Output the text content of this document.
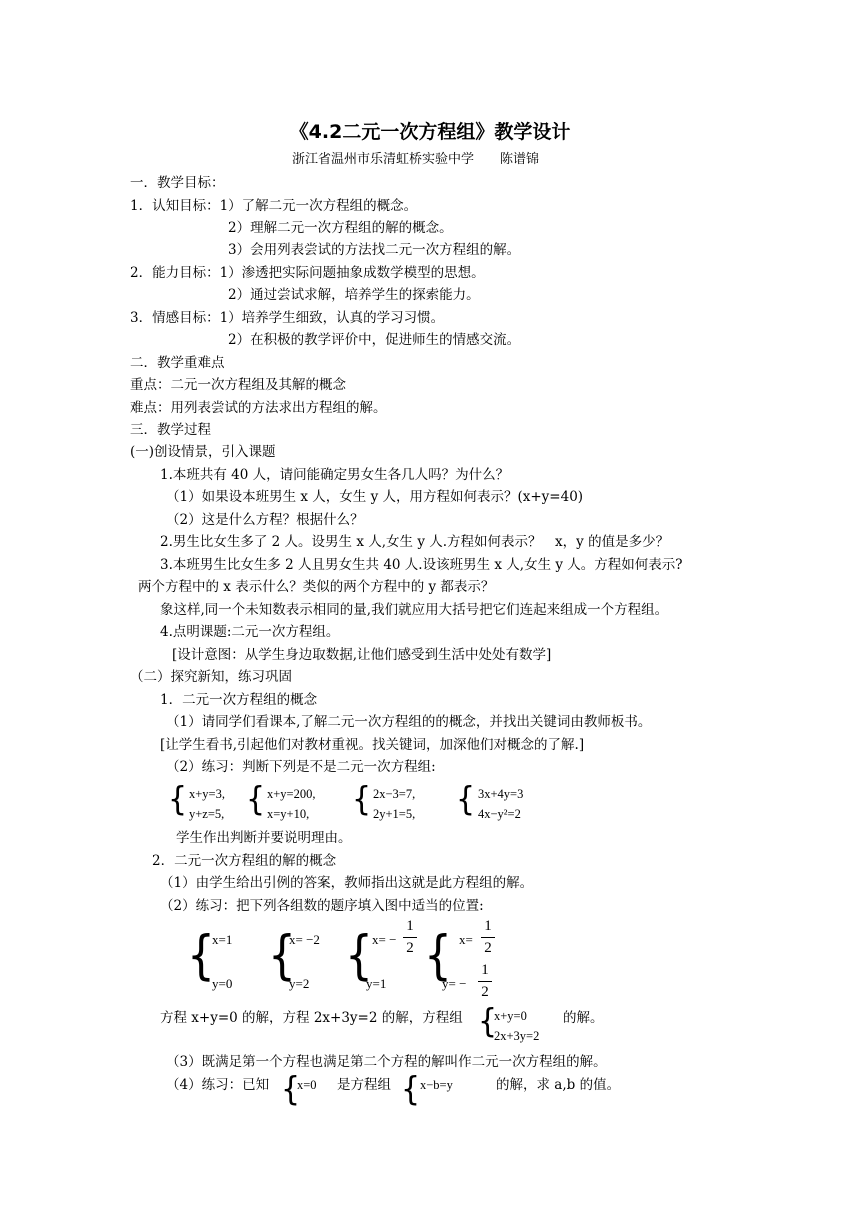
《4.2二元一次方程组》教学设计
浙江省温州市乐清虹桥实验中学　　陈谱锦
一．教学目标：
1．认知目标：1）了解二元一次方程组的概念。
2）理解二元一次方程组的解的概念。
3）会用列表尝试的方法找二元一次方程组的解。
2．能力目标：1）渗透把实际问题抽象成数学模型的思想。
2）通过尝试求解，培养学生的探索能力。
3．情感目标：1）培养学生细致，认真的学习习惯。
2）在积极的教学评价中，促进师生的情感交流。
二．教学重难点
重点：二元一次方程组及其解的概念
难点：用列表尝试的方法求出方程组的解。
三．教学过程
(一)创设情景，引入课题
1.本班共有 40 人，请问能确定男女生各几人吗？为什么？
（1）如果设本班男生 x 人，女生 y 人，用方程如何表示？(x+y=40)
（2）这是什么方程？根据什么？
2.男生比女生多了 2 人。设男生 x 人,女生 y 人.方程如何表示？　x，y 的值是多少？
3.本班男生比女生多 2 人且男女生共 40 人.设该班男生 x 人,女生 y 人。方程如何表示?
两个方程中的 x 表示什么？类似的两个方程中的 y 都表示？
象这样,同一个未知数表示相同的量,我们就应用大括号把它们连起来组成一个方程组。
4.点明课题:二元一次方程组。
[设计意图：从学生身边取数据,让他们感受到生活中处处有数学]
（二）探究新知，练习巩固
1．二元一次方程组的概念
（1）请同学们看课本,了解二元一次方程组的的概念，并找出关键词由教师板书。
[让学生看书,引起他们对教材重视。找关键词，加深他们对概念的了解.]
（2）练习：判断下列是不是二元一次方程组:
{ x+y=3,
y+z=5, { x+y=200,
x=y+10, { 2x−3=7,
2y+1=5, { 3x+4y=3
4x−y²=2
学生作出判断并要说明理由。
2．二元一次方程组的解的概念
（1）由学生给出引例的答案，教师指出这就是此方程组的解。
（2）练习：把下列各组数的题序填入图中适当的位置:
{
x=1
y=0 {
x= −2
y=2 { x= −
1
2
y=1 { x=
1
2
y= −
1
2
方程 x+y=0 的解，方程 2x+3y=2 的解，方程组 {
x+y=0
2x+3y=2
的解。
（3）既满足第一个方程也满足第二个方程的解叫作二元一次方程组的解。
（4）练习：已知 {
x=0 是方程组 { x−b=y	的解，求 a,b 的值。
